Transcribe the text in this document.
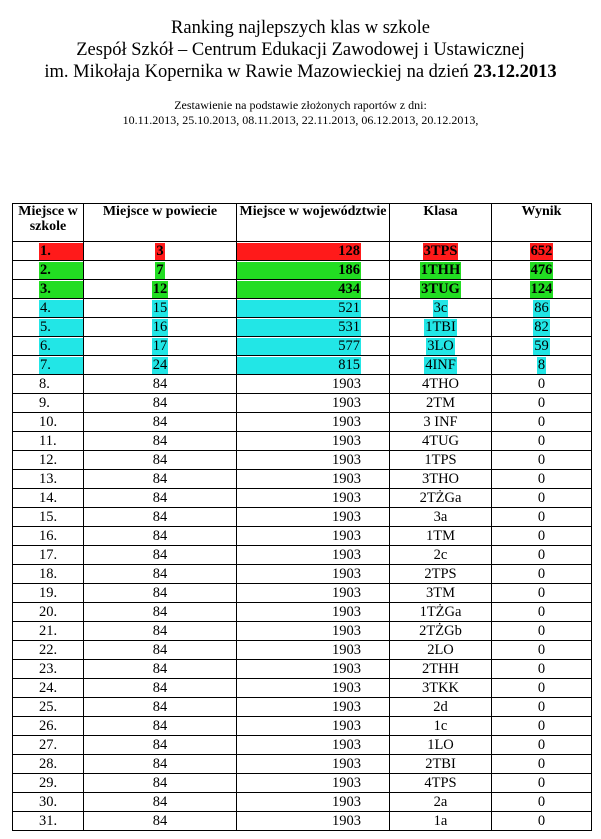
Ranking najlepszych klas w szkole
Zespół Szkół – Centrum Edukacji Zawodowej i Ustawicznej
im. Mikołaja Kopernika w Rawie Mazowieckiej na dzień 23.12.2013
Zestawienie na podstawie złożonych raportów z dni:
10.11.2013, 25.10.2013, 08.11.2013, 22.11.2013, 06.12.2013, 20.12.2013,
Miejsce w szkole	Miejsce w powiecie	Miejsce w województwie	Klasa	Wynik

1.	3	128	3TPS	652

2.	7	186	1THH	476

3.	12	434	3TUG	124

4.	15	521	3c	86

5.	16	531	1TBI	82

6.	17	577	3LO	59

7.	24	815	4INF	8
8.	84	1903	4THO	0
9.	84	1903	2TM	0
10.	84	1903	3 INF	0
11.	84	1903	4TUG	0
12.	84	1903	1TPS	0
13.	84	1903	3THO	0
14.	84	1903	2TŻGa	0
15.	84	1903	3a	0
16.	84	1903	1TM	0
17.	84	1903	2c	0
18.	84	1903	2TPS	0
19.	84	1903	3TM	0
20.	84	1903	1TŻGa	0
21.	84	1903	2TŻGb	0
22.	84	1903	2LO	0
23.	84	1903	2THH	0
24.	84	1903	3TKK	0
25.	84	1903	2d	0
26.	84	1903	1c	0
27.	84	1903	1LO	0
28.	84	1903	2TBI	0
29.	84	1903	4TPS	0
30.	84	1903	2a	0
31.	84	1903	1a	0
